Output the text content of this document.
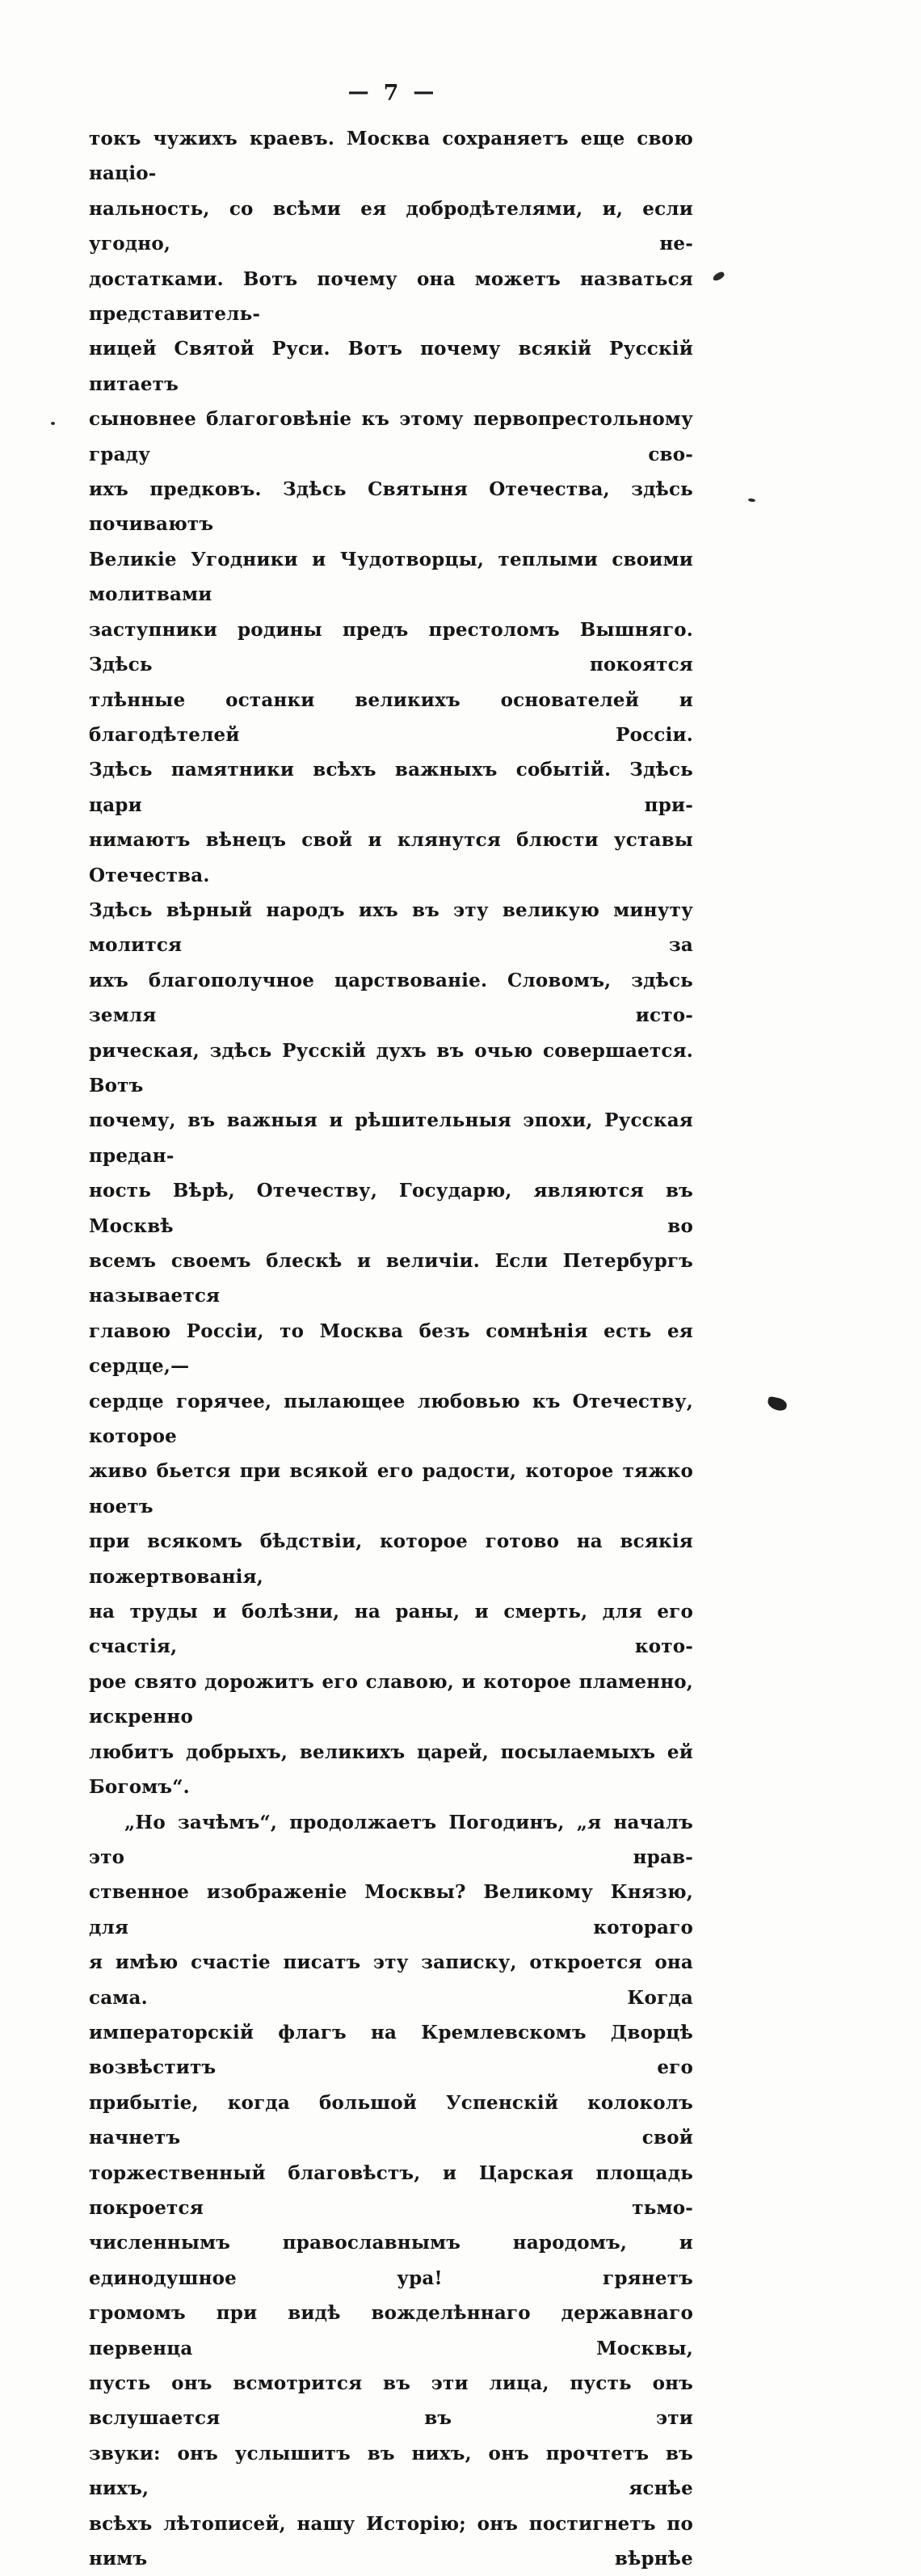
— 7 —
токъ чужихъ краевъ. Москва сохраняетъ еще свою націо-
нальность, со всѣми ея добродѣтелями, и, если угодно, не-
достатками. Вотъ почему она можетъ назваться представитель-
ницей Святой Руси. Вотъ почему всякій Русскій питаетъ
сыновнее благоговѣніе къ этому первопрестольному граду сво-
ихъ предковъ. Здѣсь Святыня Отечества, здѣсь почиваютъ
Великіе Угодники и Чудотворцы, теплыми своими молитвами
заступники родины предъ престоломъ Вышняго. Здѣсь покоятся
тлѣнные останки великихъ основателей и благодѣтелей Россіи.
Здѣсь памятники всѣхъ важныхъ событій. Здѣсь цари при-
нимаютъ вѣнецъ свой и клянутся блюсти уставы Отечества.
Здѣсь вѣрный народъ ихъ въ эту великую минуту молится за
ихъ благополучное царствованіе. Словомъ, здѣсь земля исто-
рическая, здѣсь Русскій духъ въ очью совершается. Вотъ
почему, въ важныя и рѣшительныя эпохи, Русская предан-
ность Вѣрѣ, Отечеству, Государю, являются въ Москвѣ во
всемъ своемъ блескѣ и величіи. Если Петербургъ называется
главою Россіи, то Москва безъ сомнѣнія есть ея сердце,—
сердце горячее, пылающее любовью къ Отечеству, которое
живо бьется при всякой его радости, которое тяжко ноетъ
при всякомъ бѣдствіи, которое готово на всякія пожертвованія,
на труды и болѣзни, на раны, и смерть, для его счастія, кото-
рое свято дорожитъ его славою, и которое пламенно, искренно
любитъ добрыхъ, великихъ царей, посылаемыхъ ей Богомъ“.
„Но зачѣмъ“, продолжаетъ Погодинъ, „я началъ это нрав-
ственное изображеніе Москвы? Великому Князю, для котораго
я имѣю счастіе писатъ эту записку, откроется она сама. Когда
императорскій флагъ на Кремлевскомъ Дворцѣ возвѣститъ его
прибытіе, когда большой Успенскій колоколъ начнетъ свой
торжественный благовѣстъ, и Царская площадь покроется тьмо-
численнымъ православнымъ народомъ, и единодушное ура! грянетъ
громомъ при видѣ вожделѣннаго державнаго первенца Москвы,
пусть онъ всмотрится въ эти лица, пусть онъ вслушается въ эти
звуки: онъ услышитъ въ нихъ, онъ прочтетъ въ нихъ, яснѣе
всѣхъ лѣтописей, нашу Исторію; онъ постигнетъ по нимъ вѣрнѣе
